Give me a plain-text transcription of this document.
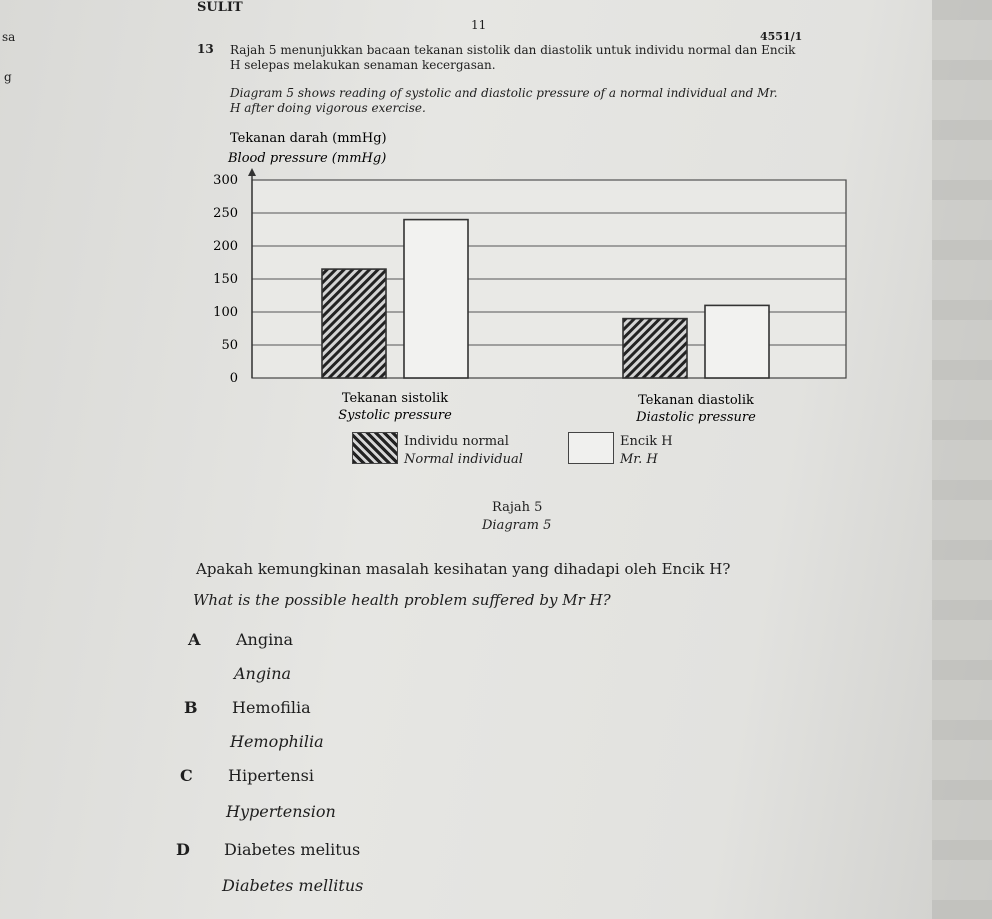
SULIT
11
4551/1
sa
g
13 Rajah 5 menunjukkan bacaan tekanan sistolik dan diastolik untuk individu normal dan Encik
H selepas melakukan senaman kecergasan.
Diagram 5 shows reading of systolic and diastolic pressure of a normal individual and Mr.
H after doing vigorous exercise.
Tekanan darah (mmHg)
Blood pressure (mmHg)
300
250
200
150
100
50
0
Tekanan sistolik
Systolic pressure
Tekanan diastolik
Diastolic pressure
Individu normal
Normal individual
Encik H
Mr. H
Rajah 5
Diagram 5
Apakah kemungkinan masalah kesihatan yang dihadapi oleh Encik H?
What is the possible health problem suffered by Mr H?
A Angina
Angina
B Hemofilia
Hemophilia
C Hipertensi
Hypertension
D Diabetes melitus
Diabetes mellitus
